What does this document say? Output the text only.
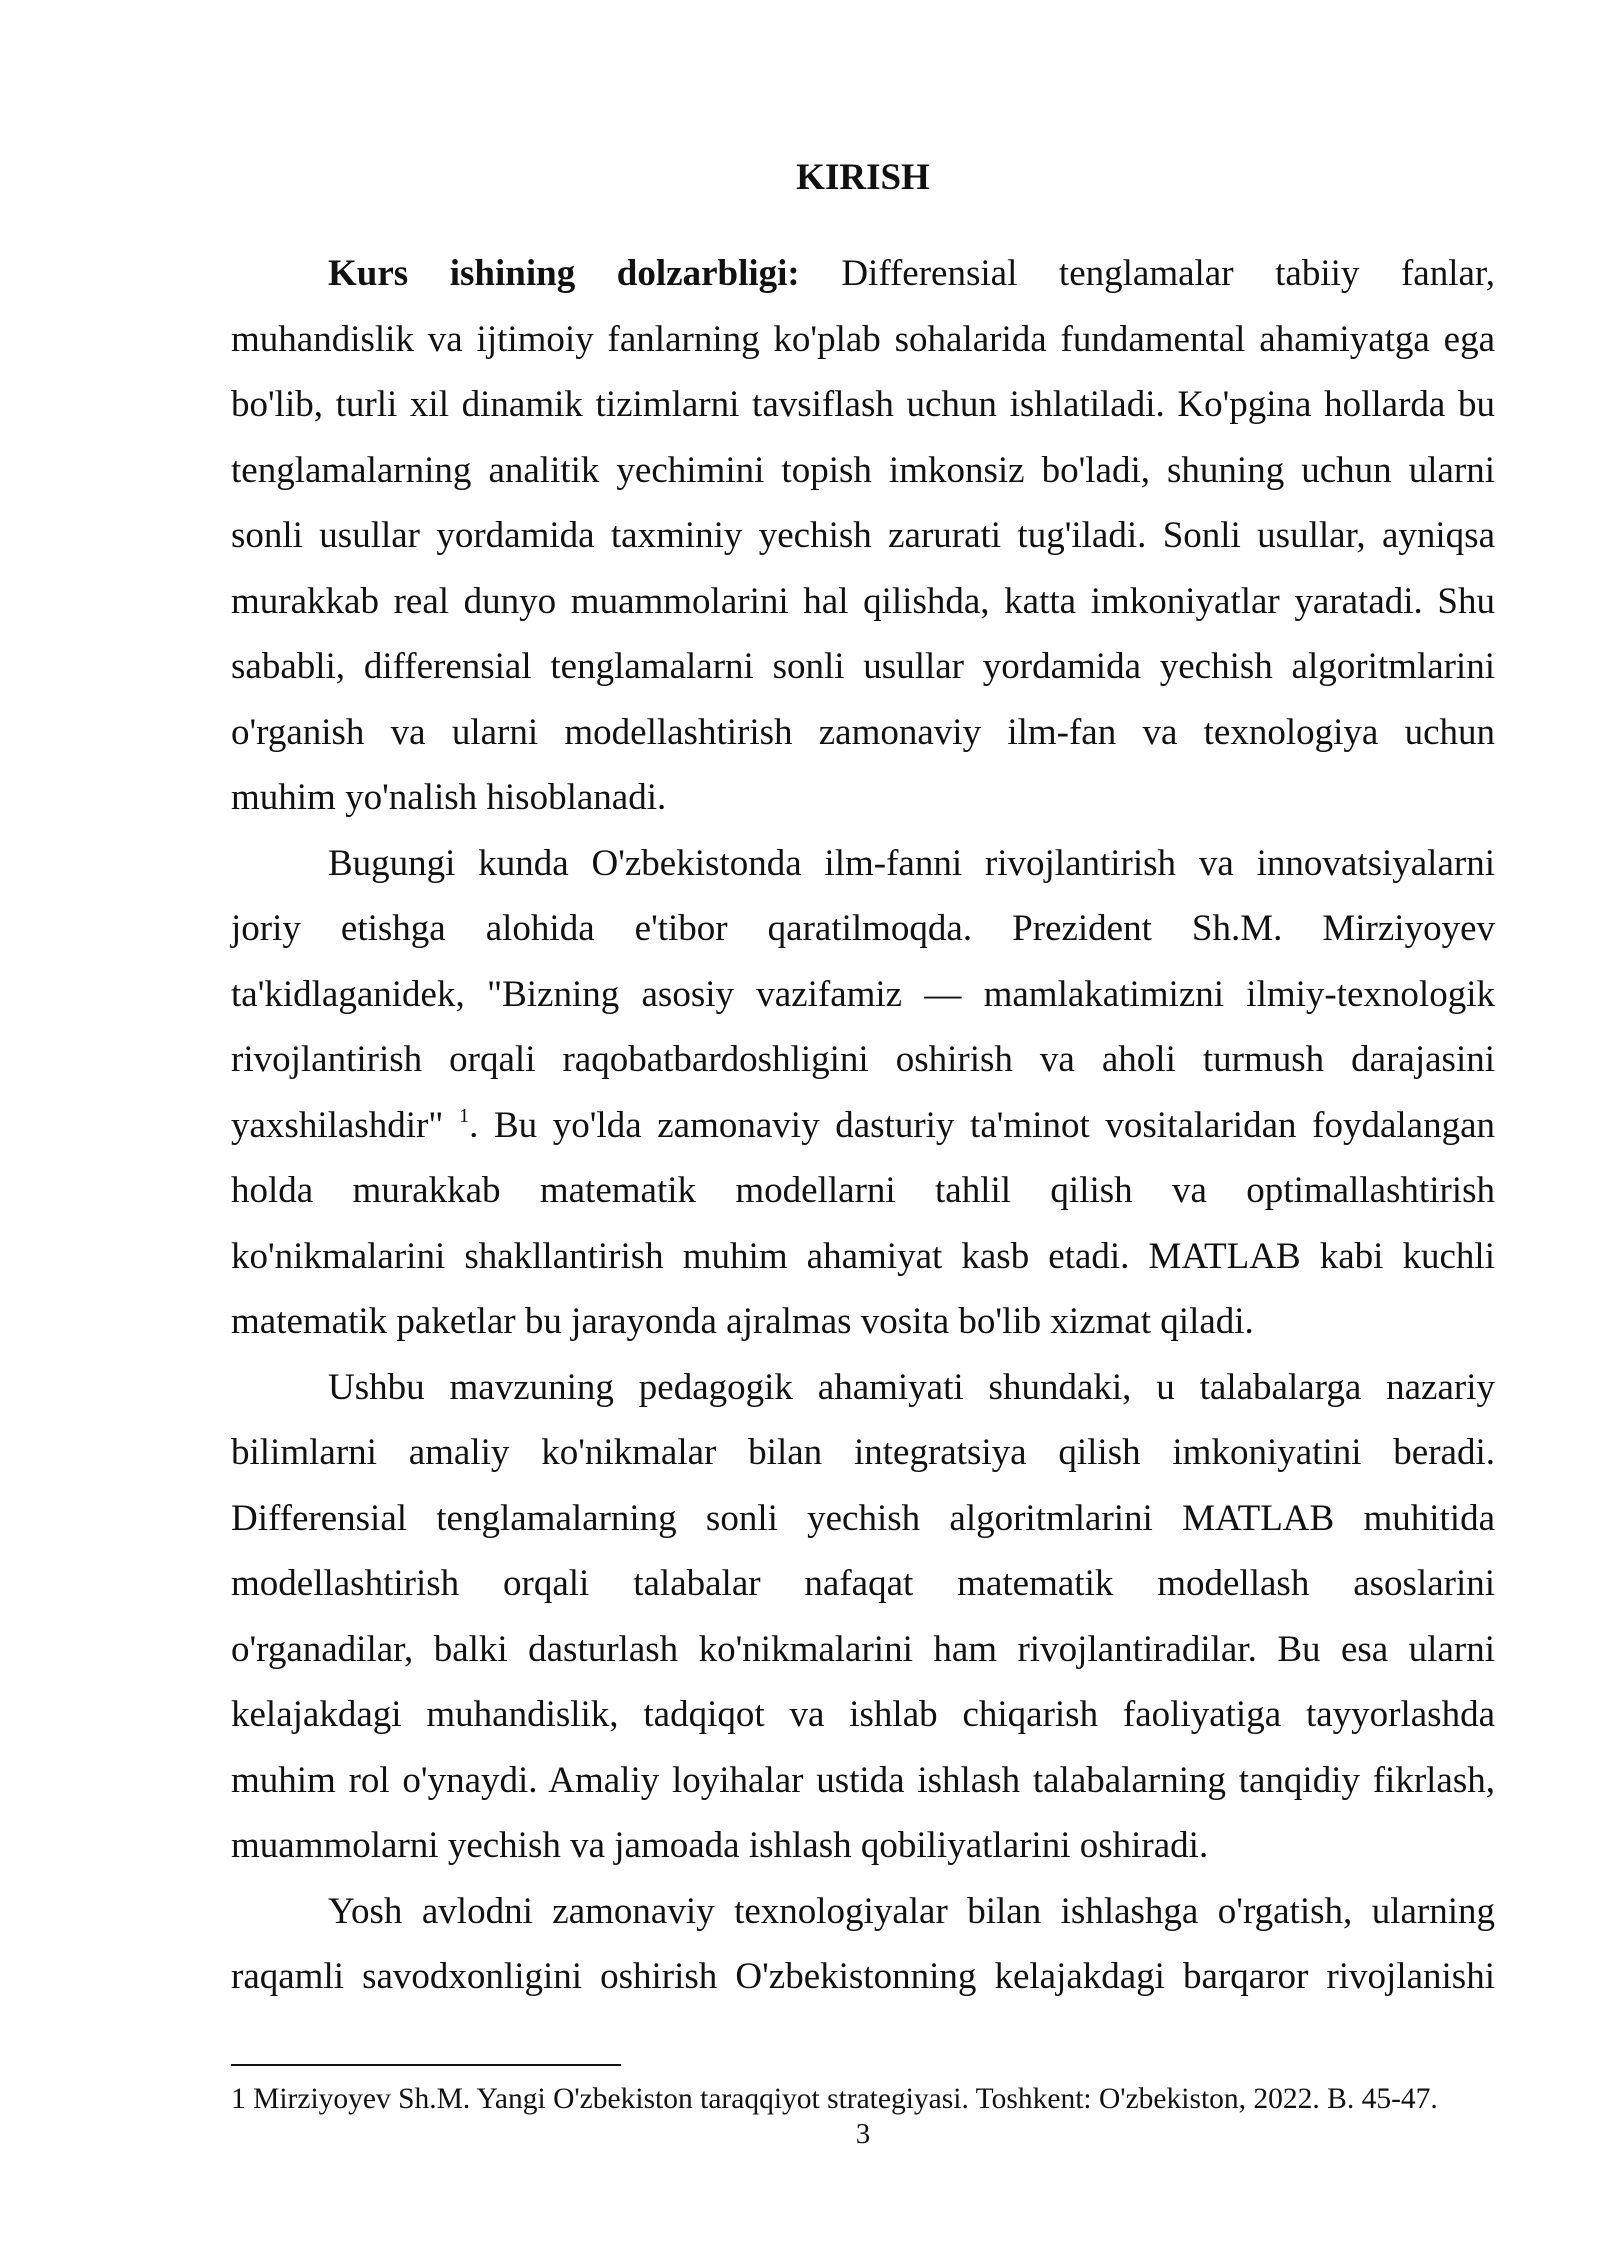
KIRISH
Kurs ishining dolzarbligi: Differensial tenglamalar tabiiy fanlar,
muhandislik va ijtimoiy fanlarning ko'plab sohalarida fundamental ahamiyatga ega
bo'lib, turli xil dinamik tizimlarni tavsiflash uchun ishlatiladi. Ko'pgina hollarda bu
tenglamalarning analitik yechimini topish imkonsiz bo'ladi, shuning uchun ularni
sonli usullar yordamida taxminiy yechish zarurati tug'iladi. Sonli usullar, ayniqsa
murakkab real dunyo muammolarini hal qilishda, katta imkoniyatlar yaratadi. Shu
sababli, differensial tenglamalarni sonli usullar yordamida yechish algoritmlarini
o'rganish va ularni modellashtirish zamonaviy ilm-fan va texnologiya uchun
muhim yo'nalish hisoblanadi.
Bugungi kunda O'zbekistonda ilm-fanni rivojlantirish va innovatsiyalarni
joriy etishga alohida e'tibor qaratilmoqda. Prezident Sh.M. Mirziyoyev
ta'kidlaganidek, "Bizning asosiy vazifamiz — mamlakatimizni ilmiy-texnologik
rivojlantirish orqali raqobatbardoshligini oshirish va aholi turmush darajasini
yaxshilashdir" $^1$. Bu yo'lda zamonaviy dasturiy ta'minot vositalaridan foydalangan
holda murakkab matematik modellarni tahlil qilish va optimallashtirish
ko'nikmalarini shakllantirish muhim ahamiyat kasb etadi. MATLAB kabi kuchli
matematik paketlar bu jarayonda ajralmas vosita bo'lib xizmat qiladi.
Ushbu mavzuning pedagogik ahamiyati shundaki, u talabalarga nazariy
bilimlarni amaliy ko'nikmalar bilan integratsiya qilish imkoniyatini beradi.
Differensial tenglamalarning sonli yechish algoritmlarini MATLAB muhitida
modellashtirish orqali talabalar nafaqat matematik modellash asoslarini
o'rganadilar, balki dasturlash ko'nikmalarini ham rivojlantiradilar. Bu esa ularni
kelajakdagi muhandislik, tadqiqot va ishlab chiqarish faoliyatiga tayyorlashda
muhim rol o'ynaydi. Amaliy loyihalar ustida ishlash talabalarning tanqidiy fikrlash,
muammolarni yechish va jamoada ishlash qobiliyatlarini oshiradi.
Yosh avlodni zamonaviy texnologiyalar bilan ishlashga o'rgatish, ularning
raqamli savodxonligini oshirish O'zbekistonning kelajakdagi barqaror rivojlanishi
1 Mirziyoyev Sh.M. Yangi O'zbekiston taraqqiyot strategiyasi. Toshkent: O'zbekiston, 2022. B. 45-47.
3
